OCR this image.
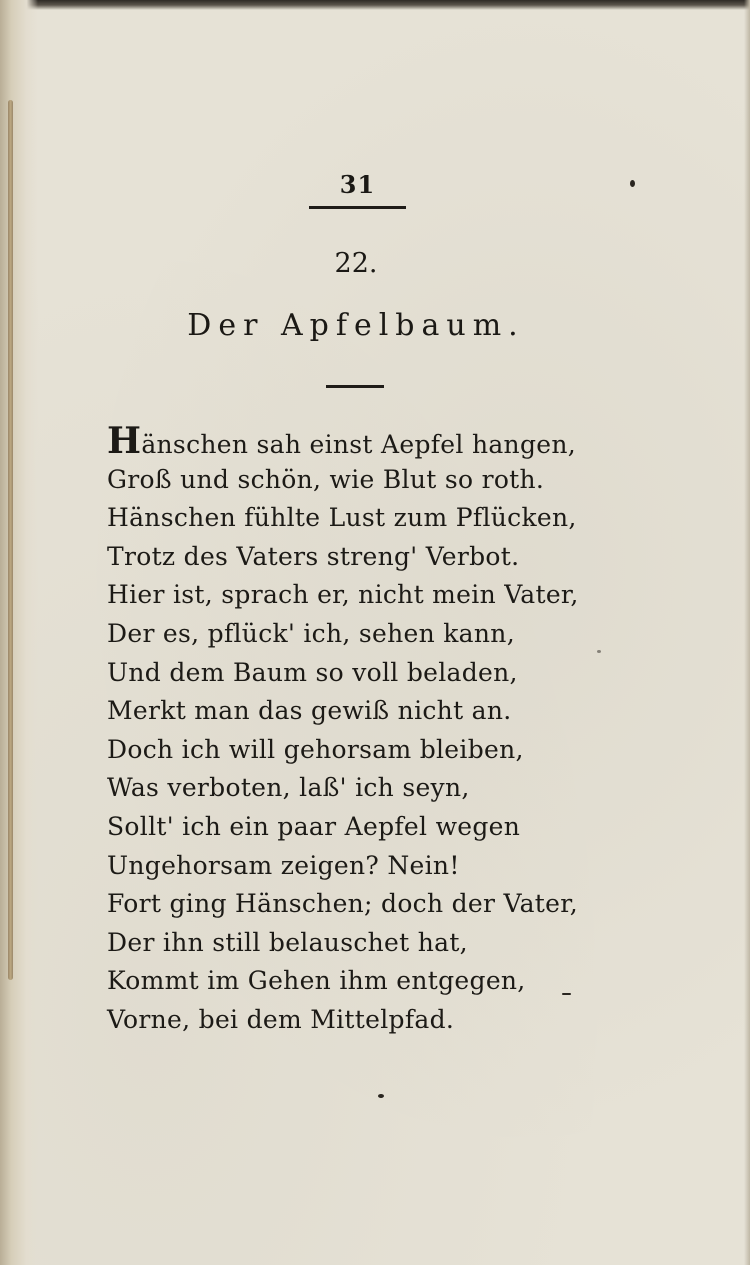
31
22.
Der Apfelbaum.
Hänschen sah einst Aepfel hangen,
Groß und schön, wie Blut so roth.
Hänschen fühlte Lust zum Pflücken,
Trotz des Vaters streng' Verbot.
Hier ist, sprach er, nicht mein Vater,
Der es, pflück' ich, sehen kann,
Und dem Baum so voll beladen,
Merkt man das gewiß nicht an.
Doch ich will gehorsam bleiben,
Was verboten, laß' ich seyn,
Sollt' ich ein paar Aepfel wegen
Ungehorsam zeigen? Nein!
Fort ging Hänschen; doch der Vater,
Der ihn still belauschet hat,
Kommt im Gehen ihm entgegen,
Vorne, bei dem Mittelpfad.
